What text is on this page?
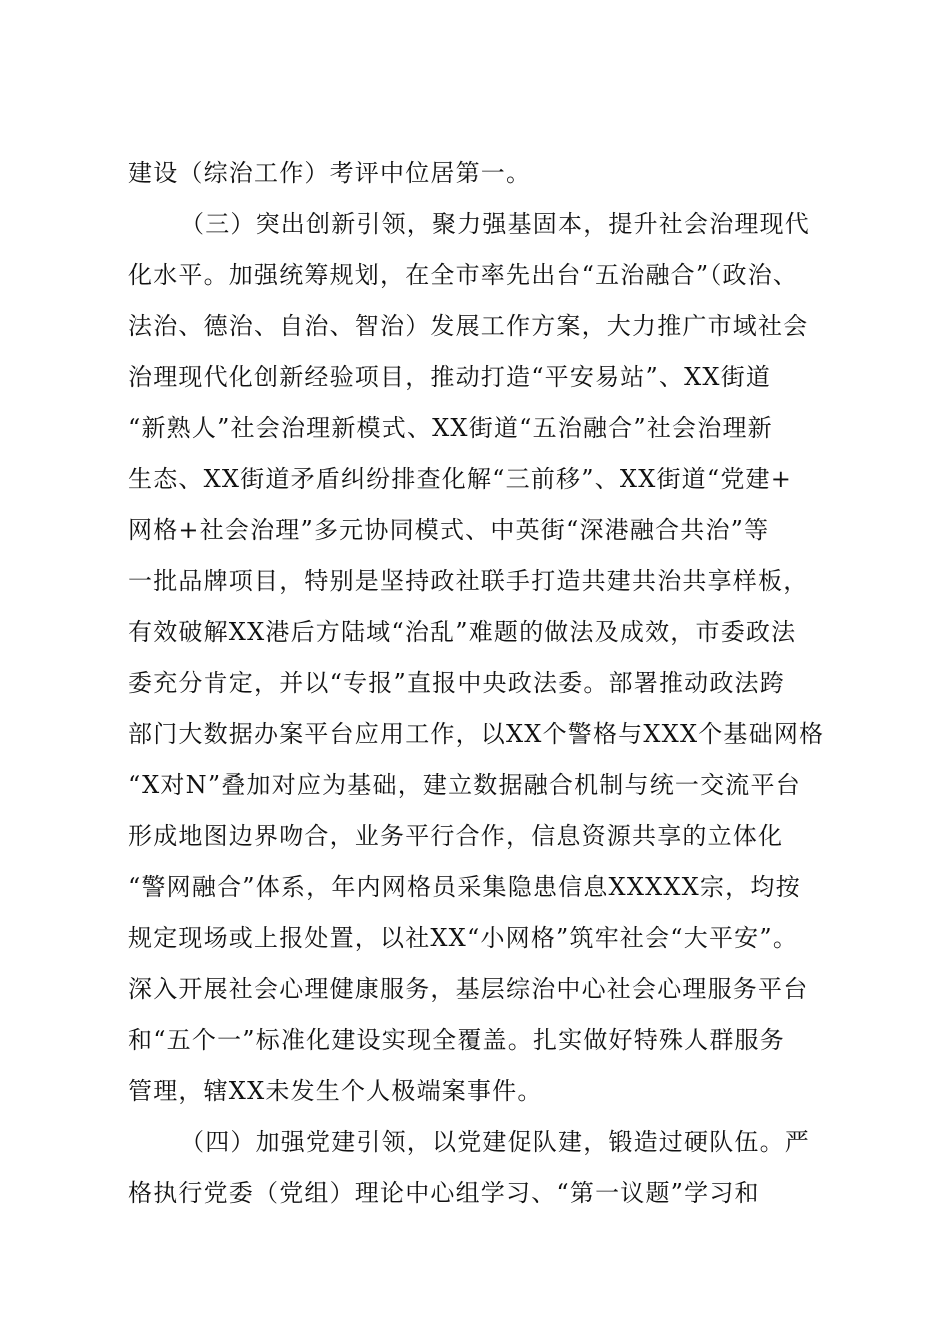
建设（综治工作）考评中位居第一。
（三）突出创新引领，聚力强基固本，提升社会治理现代
化水平。加强统筹规划，在全市率先出台“五治融合”（政治、
法治、德治、自治、智治）发展工作方案，大力推广市域社会
治理现代化创新经验项目，推动打造“平安易站”、XX街道
“新熟人”社会治理新模式、XX街道“五治融合”社会治理新
生态、XX街道矛盾纠纷排查化解“三前移”、XX街道“党建+
网格+社会治理”多元协同模式、中英街“深港融合共治”等
一批品牌项目，特别是坚持政社联手打造共建共治共享样板，
有效破解XX港后方陆域“治乱”难题的做法及成效，市委政法
委充分肯定，并以“专报”直报中央政法委。部署推动政法跨
部门大数据办案平台应用工作，以XX个警格与XXX个基础网格
“X对N”叠加对应为基础，建立数据融合机制与统一交流平台
形成地图边界吻合，业务平行合作，信息资源共享的立体化
“警网融合”体系，年内网格员采集隐患信息XXXXX宗，均按
规定现场或上报处置，以社XX“小网格”筑牢社会“大平安”。
深入开展社会心理健康服务，基层综治中心社会心理服务平台
和“五个一”标准化建设实现全覆盖。扎实做好特殊人群服务
管理，辖XX未发生个人极端案事件。
（四）加强党建引领，以党建促队建，锻造过硬队伍。严
格执行党委（党组）理论中心组学习、“第一议题”学习和
